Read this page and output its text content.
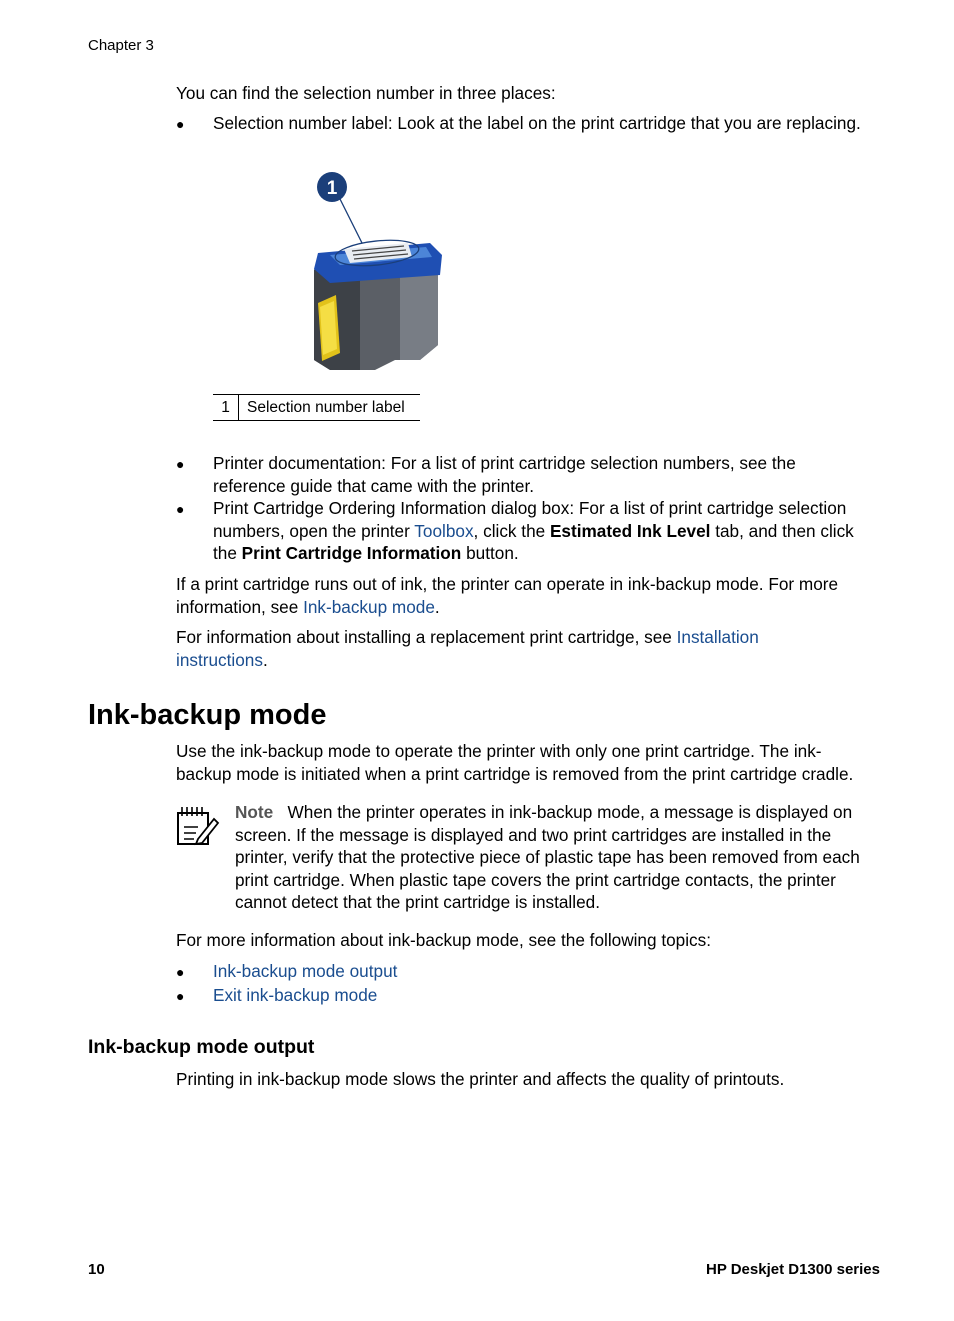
Chapter 3
You can find the selection number in three places:
● Selection number label: Look at the label on the print cartridge that you are replacing.
1
1	Selection number label
● Printer documentation: For a list of print cartridge selection numbers, see the
reference guide that came with the printer.
● Print Cartridge Ordering Information dialog box: For a list of print cartridge selection
numbers, open the printer Toolbox, click the Estimated Ink Level tab, and then click
the Print Cartridge Information button.
If a print cartridge runs out of ink, the printer can operate in ink-backup mode. For more
information, see Ink-backup mode.
For information about installing a replacement print cartridge, see Installation
instructions.
Ink-backup mode
Use the ink-backup mode to operate the printer with only one print cartridge. The ink-
backup mode is initiated when a print cartridge is removed from the print cartridge cradle.
Note When the printer operates in ink-backup mode, a message is displayed on
screen. If the message is displayed and two print cartridges are installed in the
printer, verify that the protective piece of plastic tape has been removed from each
print cartridge. When plastic tape covers the print cartridge contacts, the printer
cannot detect that the print cartridge is installed.
For more information about ink-backup mode, see the following topics:
● Ink-backup mode output
● Exit ink-backup mode
Ink-backup mode output
Printing in ink-backup mode slows the printer and affects the quality of printouts.
10	HP Deskjet D1300 series
